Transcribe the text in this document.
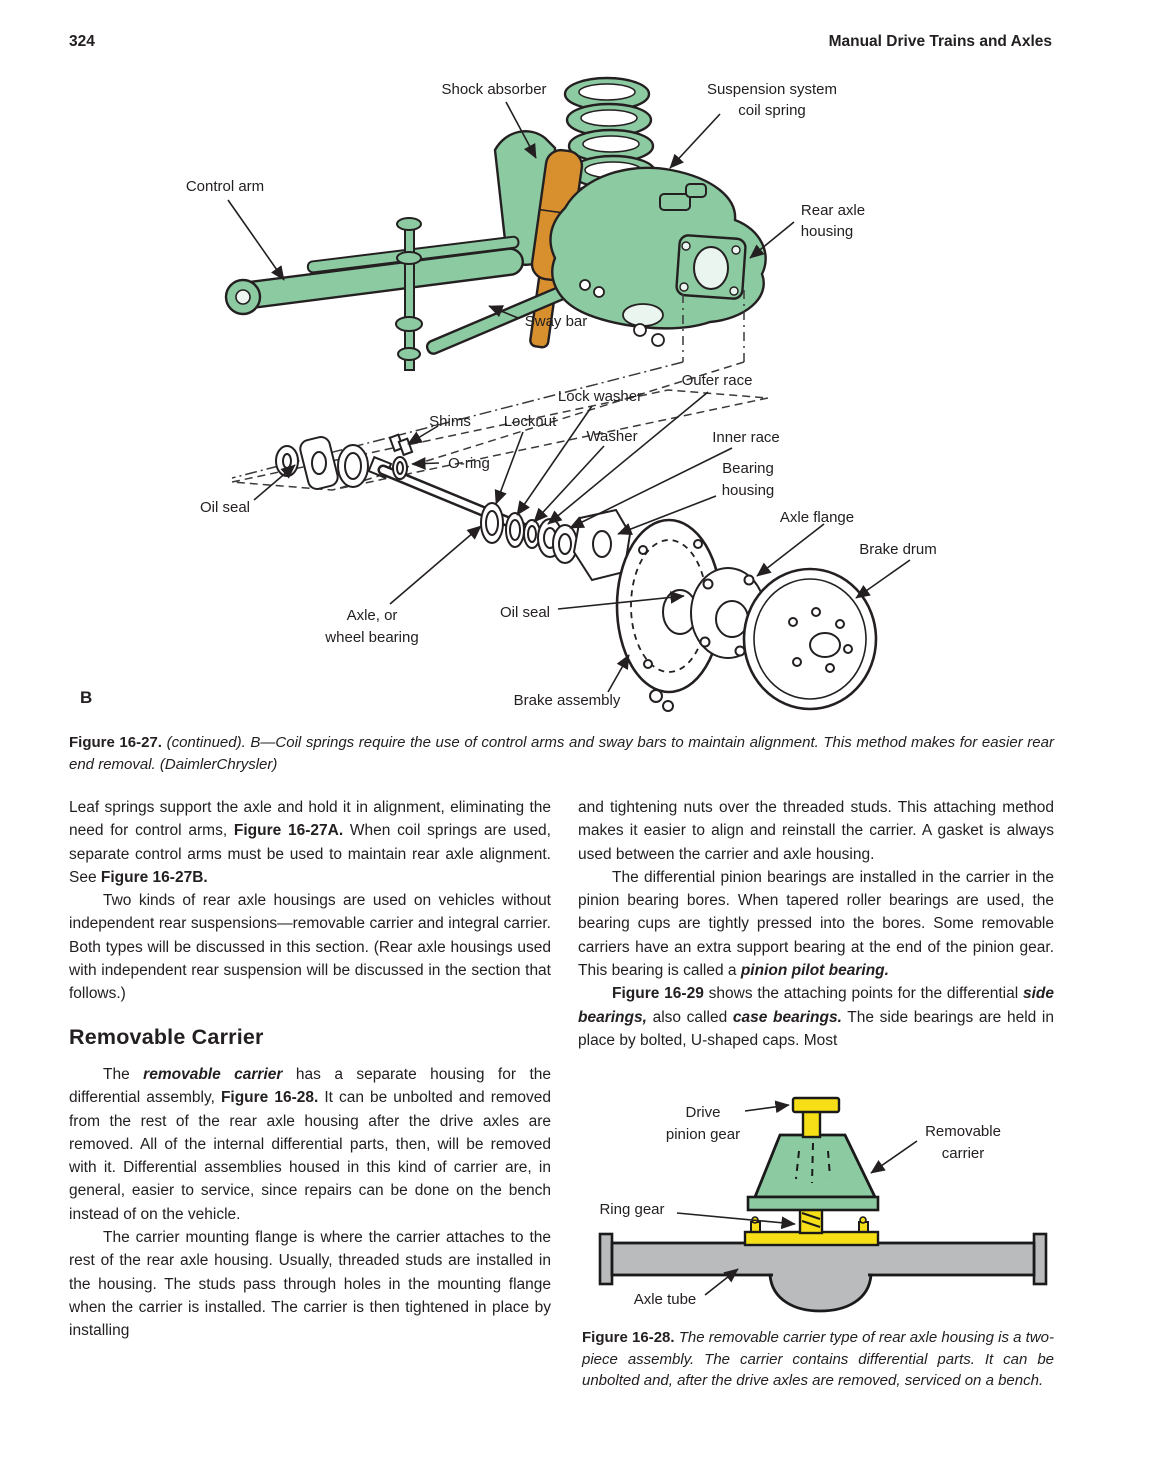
324	Manual Drive Trains and Axles
Shock absorber	Suspension system
coil spring
Control arm
Rear axle
housing
Sway bar
Outer race
Lock washer
Shims Locknut
Washer	Inner race
O-ring	Bearing
housing
Oil seal
Axle flange
Brake drum
Axle, or
wheel bearing
Oil seal
Brake assembly
B
Figure 16-27. (continued). B—Coil springs require the use of control arms and sway bars to maintain alignment. This method makes for easier rear end removal. (DaimlerChrysler)

Leaf springs support the axle and hold it in alignment, eliminating the need for control arms, Figure 16-27A. When coil springs are used, separate control arms must be used to maintain rear axle alignment. See Figure 16-27B.

Two kinds of rear axle housings are used on vehicles without independent rear suspensions—removable carrier and integral carrier. Both types will be discussed in this section. (Rear axle housings used with independent rear suspension will be discussed in the section that follows.)

Removable Carrier

The removable carrier has a separate housing for the differential assembly, Figure 16-28. It can be unbolted and removed from the rest of the rear axle housing after the drive axles are removed. All of the internal differential parts, then, will be removed with it. Differential assemblies housed in this kind of carrier are, in general, easier to service, since repairs can be done on the bench instead of on the vehicle.

The carrier mounting flange is where the carrier attaches to the rest of the rear axle housing. Usually, threaded studs are installed in the housing. The studs pass through holes in the mounting flange when the carrier is installed. The carrier is then tightened in place by installing

and tightening nuts over the threaded studs. This attaching method makes it easier to align and reinstall the carrier. A gasket is always used between the carrier and axle housing.

The differential pinion bearings are installed in the carrier in the pinion bearing bores. When tapered roller bearings are used, the bearing cups are tightly pressed into the bores. Some removable carriers have an extra support bearing at the end of the pinion gear. This bearing is called a pinion pilot bearing.

Figure 16-29 shows the attaching points for the differential side bearings, also called case bearings. The side bearings are held in place by bolted, U-shaped caps. Most

Drive
pinion gear	Removable
carrier
Ring gear
Axle tube
Figure 16-28. The removable carrier type of rear axle housing is a two-piece assembly. The carrier contains differential parts. It can be unbolted and, after the drive axles are removed, serviced on a bench.
